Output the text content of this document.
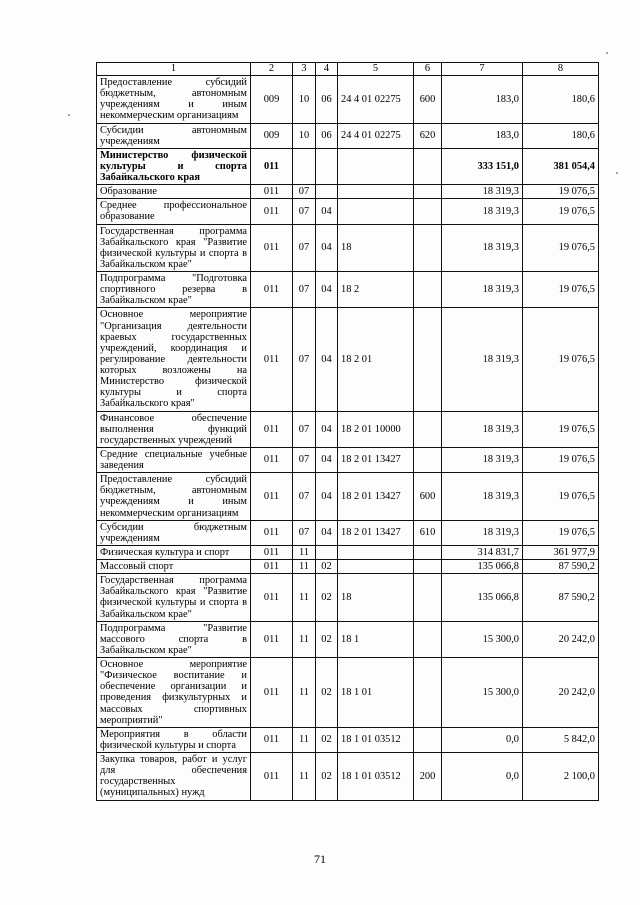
1	2	3	4	5	6	7	8
Предоставление субсидий бюджетным, автономным учреждениям и иным некоммерческим организациям	009	10	06	24 4 01 02275	600	183,0	180,6
Субсидии автономным учреждениям	009	10	06	24 4 01 02275	620	183,0	180,6
Министерство физической культуры и спорта Забайкальского края	011					333 151,0	381 054,4
Образование	011	07				18 319,3	19 076,5
Среднее профессиональное образование	011	07	04			18 319,3	19 076,5
Государственная программа Забайкальского края "Развитие физической культуры и спорта в Забайкальском крае"	011	07	04	18		18 319,3	19 076,5
Подпрограмма "Подготовка спортивного резерва в Забайкальском крае"	011	07	04	18 2		18 319,3	19 076,5
Основное мероприятие "Организация деятельности краевых государственных учреждений, координация и регулирование деятельности которых возложены на Министерство физической культуры и спорта Забайкальского края"	011	07	04	18 2 01		18 319,3	19 076,5
Финансовое обеспечение выполнения функций государственных учреждений	011	07	04	18 2 01 10000		18 319,3	19 076,5
Средние специальные учебные заведения	011	07	04	18 2 01 13427		18 319,3	19 076,5
Предоставление субсидий бюджетным, автономным учреждениям и иным некоммерческим организациям	011	07	04	18 2 01 13427	600	18 319,3	19 076,5
Субсидии бюджетным учреждениям	011	07	04	18 2 01 13427	610	18 319,3	19 076,5
Физическая культура и спорт	011	11				314 831,7	361 977,9
Массовый спорт	011	11	02			135 066,8	87 590,2
Государственная программа Забайкальского края "Развитие физической культуры и спорта в Забайкальском крае"	011	11	02	18		135 066,8	87 590,2
Подпрограмма "Развитие массового спорта в Забайкальском крае"	011	11	02	18 1		15 300,0	20 242,0
Основное мероприятие "Физическое воспитание и обеспечение организации и проведения физкультурных и массовых спортивных мероприятий"	011	11	02	18 1 01		15 300,0	20 242,0
Мероприятия в области физической культуры и спорта	011	11	02	18 1 01 03512		0,0	5 842,0
Закупка товаров, работ и услуг для обеспечения государственных (муниципальных) нужд	011	11	02	18 1 01 03512	200	0,0	2 100,0
71
